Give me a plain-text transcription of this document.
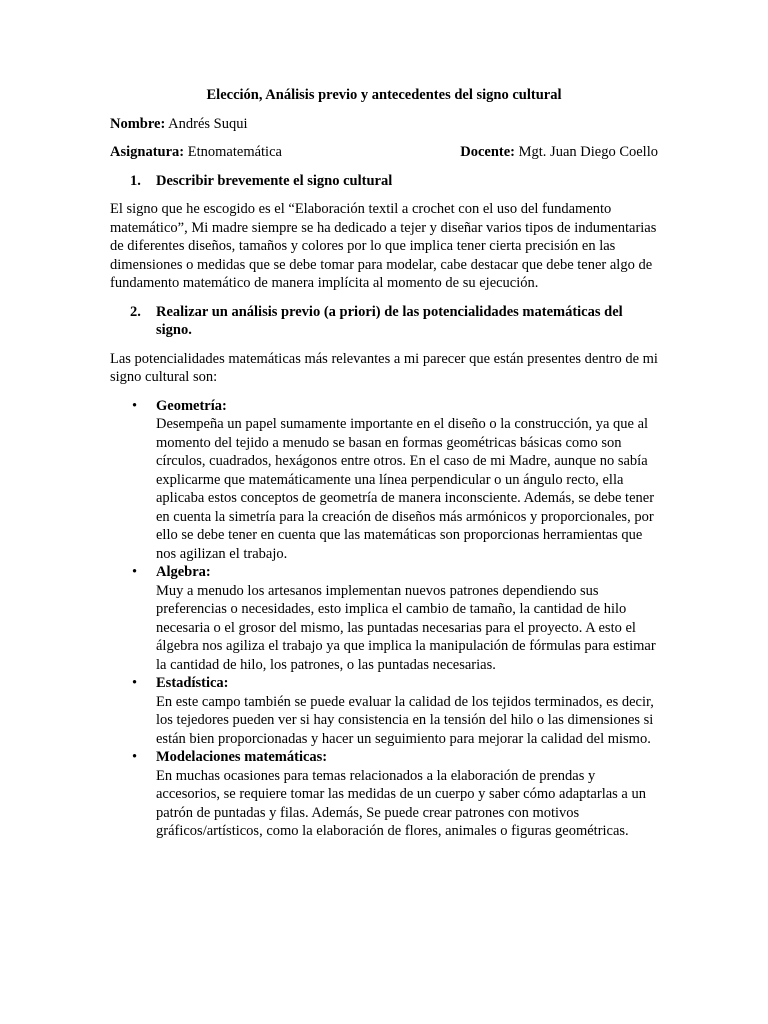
Elección, Análisis previo y antecedentes del signo cultural
Nombre: Andrés Suqui
Asignatura: Etnomatemática	Docente: Mgt. Juan Diego Coello
1.	Describir brevemente el signo cultural
El signo que he escogido es el “Elaboración textil a crochet con el uso del fundamento matemático”, Mi madre siempre se ha dedicado a tejer y diseñar varios tipos de indumentarias de diferentes diseños, tamaños y colores por lo que implica tener cierta precisión en las dimensiones o medidas que se debe tomar para modelar, cabe destacar que debe tener algo de fundamento matemático de manera implícita al momento de su ejecución.
2.	Realizar un análisis previo (a priori) de las potencialidades matemáticas del signo.
Las potencialidades matemáticas más relevantes a mi parecer que están presentes dentro de mi signo cultural son:
•	Geometría:
Desempeña un papel sumamente importante en el diseño o la construcción, ya que al momento del tejido a menudo se basan en formas geométricas básicas como son círculos, cuadrados, hexágonos entre otros. En el caso de mi Madre, aunque no sabía explicarme que matemáticamente una línea perpendicular o un ángulo recto, ella aplicaba estos conceptos de geometría de manera inconsciente. Además, se debe tener en cuenta la simetría para la creación de diseños más armónicos y proporcionales, por ello se debe tener en cuenta que las matemáticas son proporcionas herramientas que nos agilizan el trabajo.
•	Algebra:
Muy a menudo los artesanos implementan nuevos patrones dependiendo sus preferencias o necesidades, esto implica el cambio de tamaño, la cantidad de hilo necesaria o el grosor del mismo, las puntadas necesarias para el proyecto. A esto el álgebra nos agiliza el trabajo ya que implica la manipulación de fórmulas para estimar la cantidad de hilo, los patrones, o las puntadas necesarias.
•	Estadística:
En este campo también se puede evaluar la calidad de los tejidos terminados, es decir, los tejedores pueden ver si hay consistencia en la tensión del hilo o las dimensiones si están bien proporcionadas y hacer un seguimiento para mejorar la calidad del mismo.
•	Modelaciones matemáticas:
En muchas ocasiones para temas relacionados a la elaboración de prendas y accesorios, se requiere tomar las medidas de un cuerpo y saber cómo adaptarlas a un patrón de puntadas y filas. Además, Se puede crear patrones con motivos gráficos/artísticos, como la elaboración de flores, animales o figuras geométricas.
